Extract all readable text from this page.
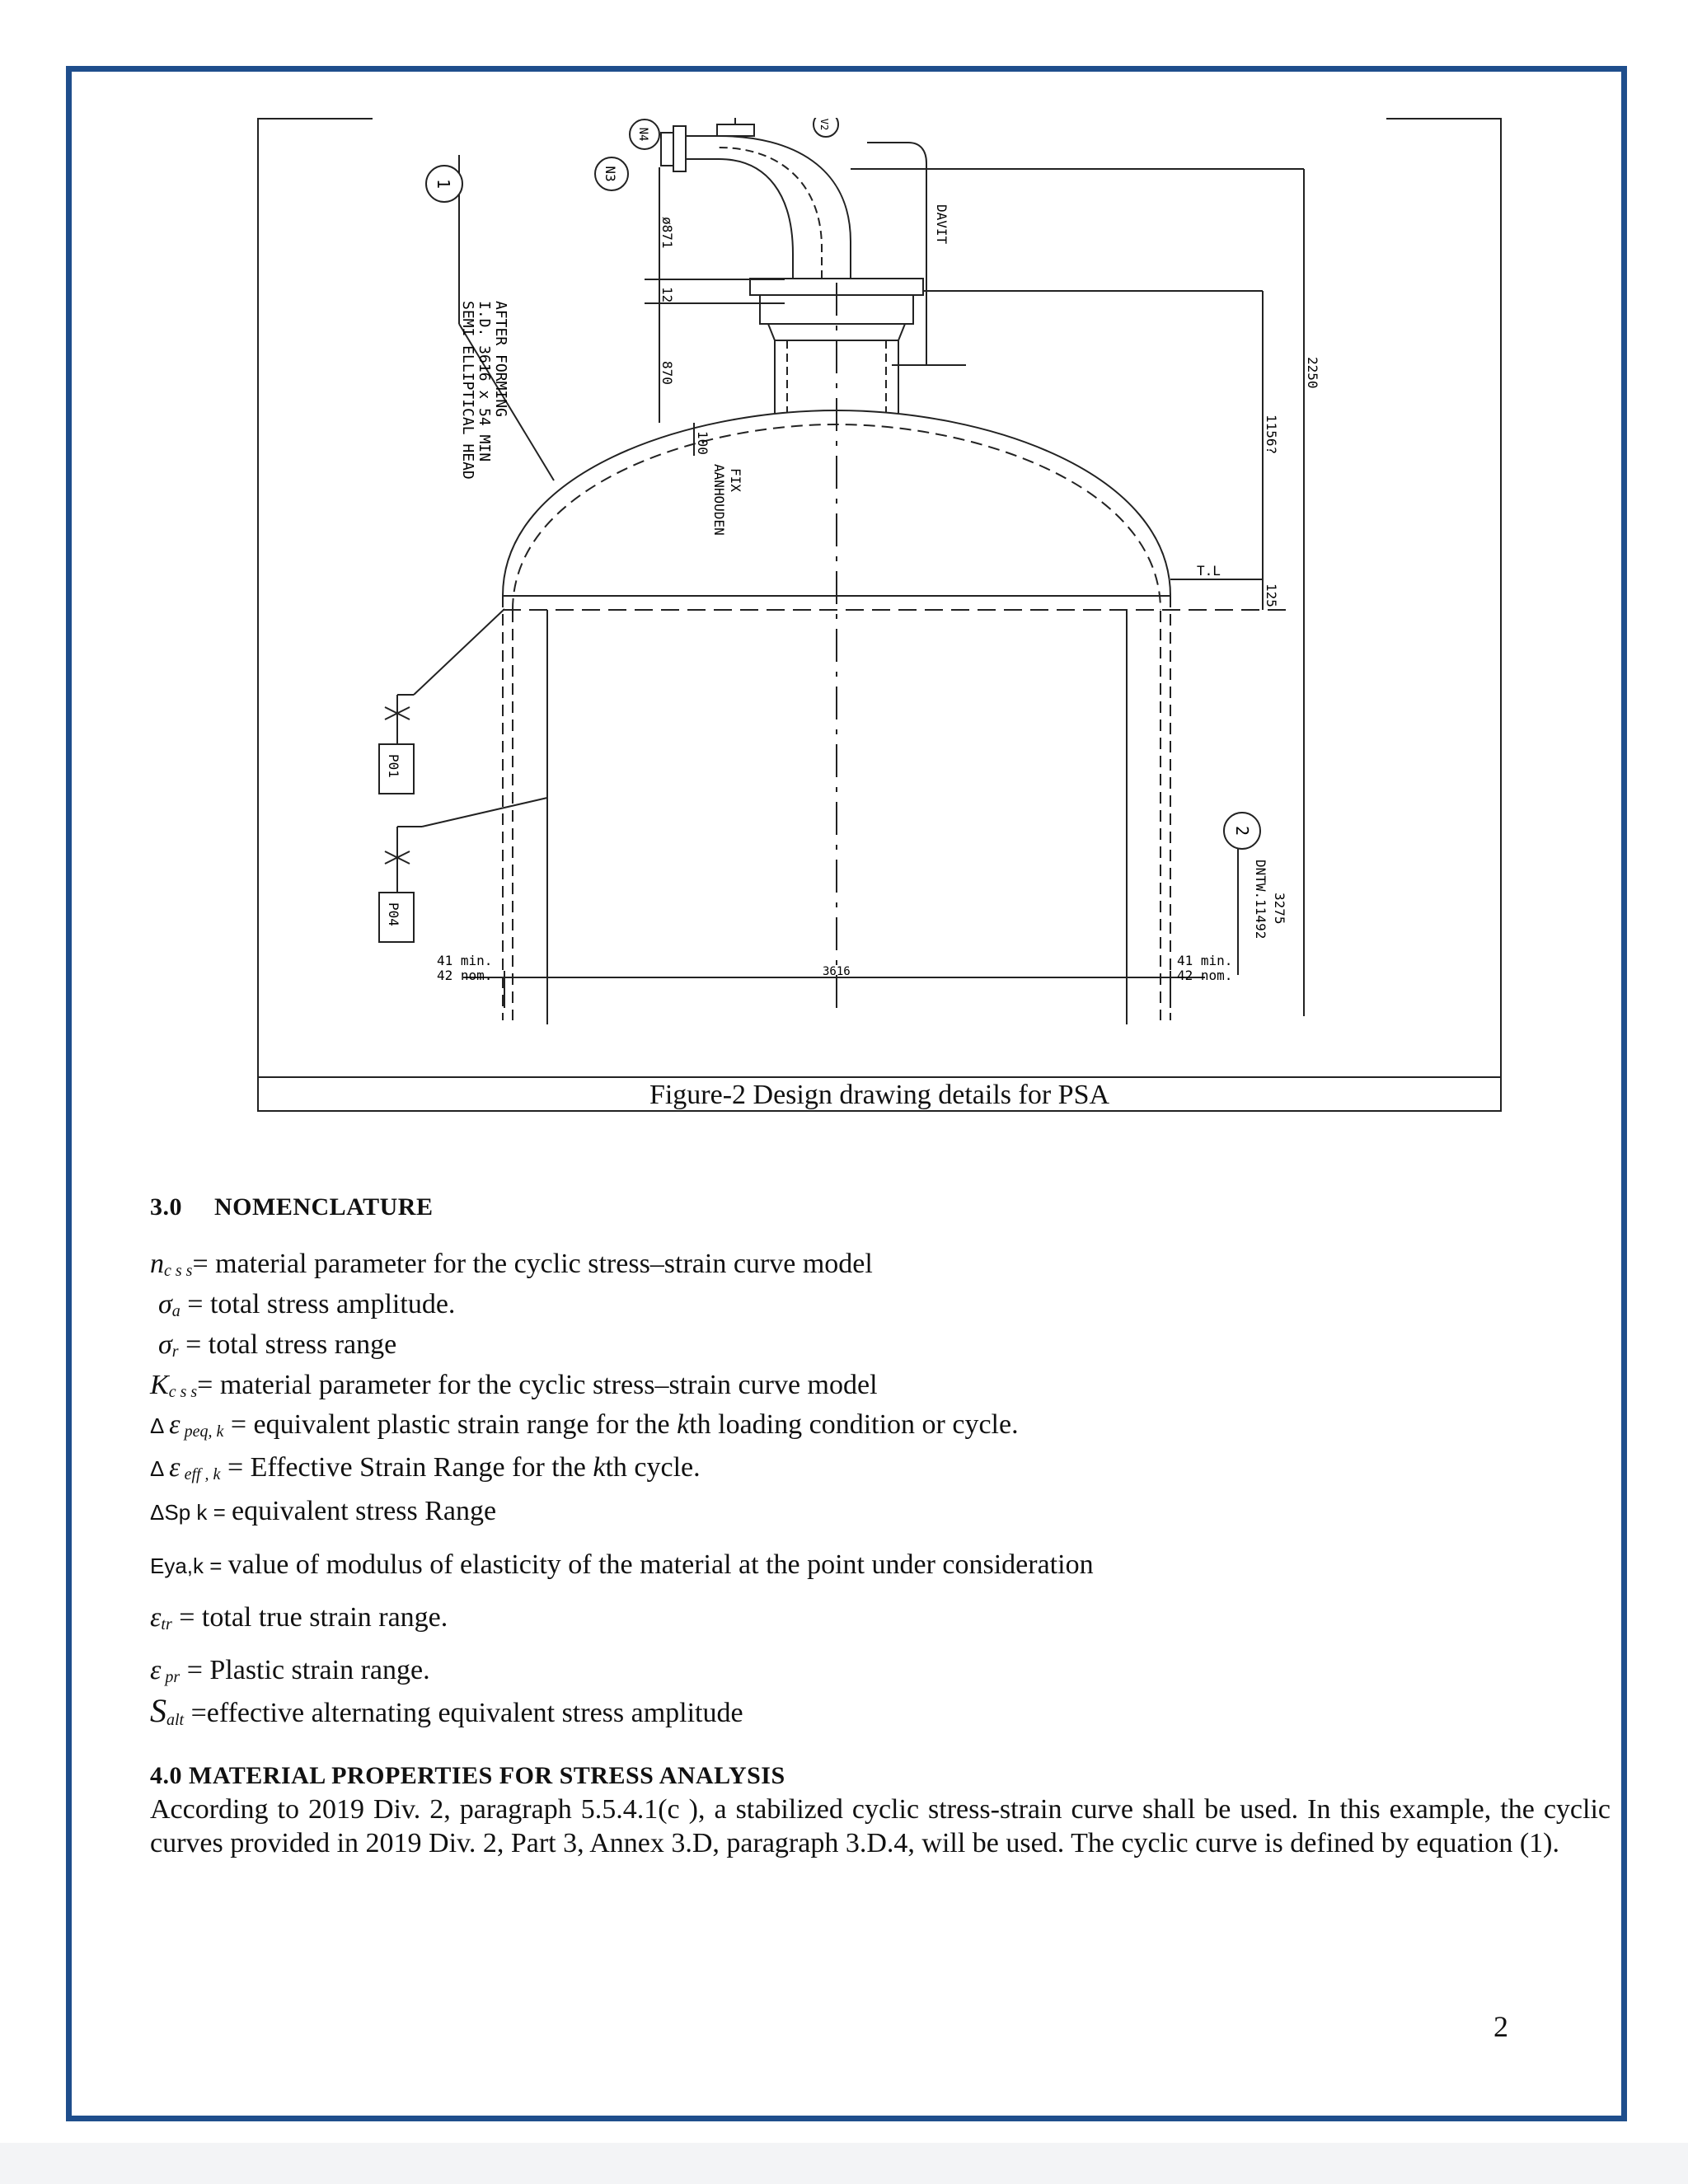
1
SEMI ELLIPTICAL HEAD I.D. 3616 x 54 MIN AFTER FORMING
N3
N4
V2
DAVIT
ø871
12
870
100
AANHOUDEN FIX
2250
1156?
125
T.L
P01
P04
2
3275
DNTW.11492
41 min.
42 nom.	3616
41 min.
42 nom.
Figure-2 Design drawing details for PSA
3.0 NOMENCLATURE
nc s s= material parameter for the cyclic stress–strain curve model
σa = total stress amplitude.
σr = total stress range
Kc s s= material parameter for the cyclic stress–strain curve model
Δ ε peq, k = equivalent plastic strain range for the kth loading condition or cycle.
Δ ε eff , k = Effective Strain Range for the kth cycle.
ΔSp k = equivalent stress Range
Eya,k = value of modulus of elasticity of the material at the point under consideration
εtr = total true strain range.
ε pr = Plastic strain range.
Salt =effective alternating equivalent stress amplitude
4.0 MATERIAL PROPERTIES FOR STRESS ANALYSIS
According to 2019 Div. 2, paragraph 5.5.4.1(c ), a stabilized cyclic stress-strain curve shall be used. In this example, the cyclic curves provided in 2019 Div. 2, Part 3, Annex 3.D, paragraph 3.D.4, will be used. The cyclic curve is defined by equation (1).
2
